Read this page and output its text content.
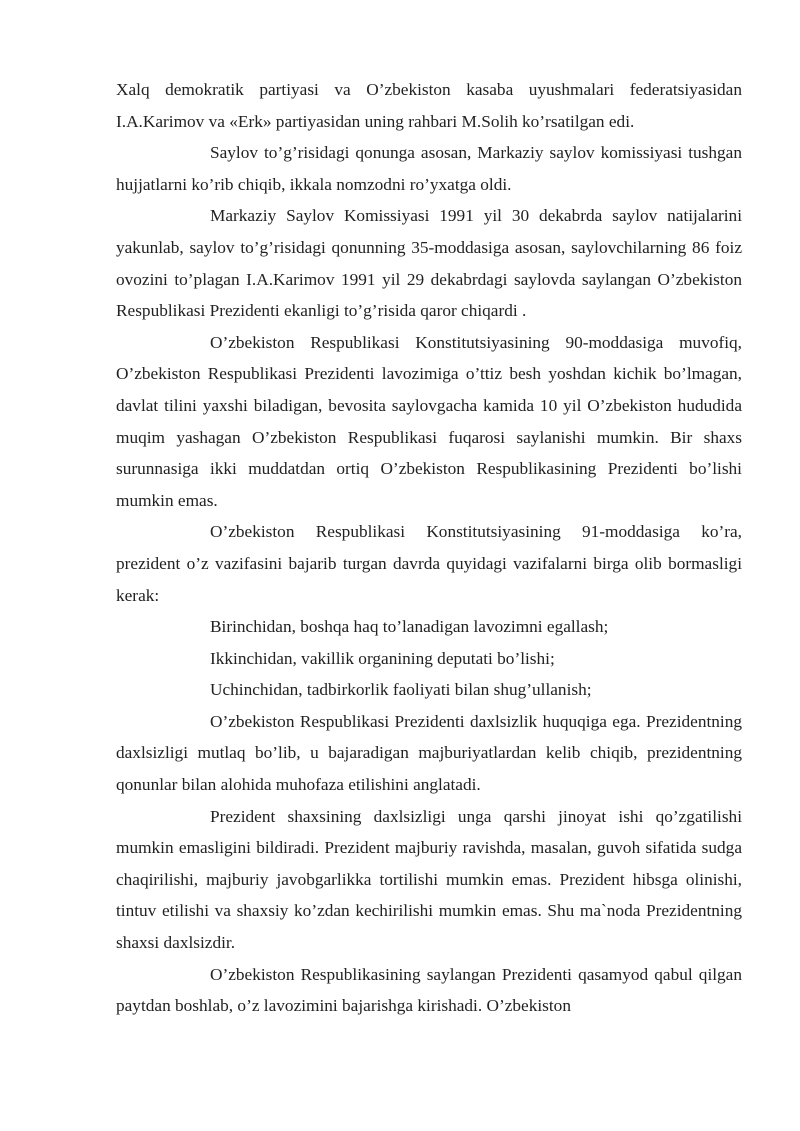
Xalq demokratik partiyasi va O’zbekiston kasaba uyushmalari federatsiyasidan I.A.Karimov va «Erk» partiyasidan uning rahbari M.Solih ko’rsatilgan edi.

Saylov to’g’risidagi qonunga asosan, Markaziy saylov komissiyasi tushgan hujjatlarni ko’rib chiqib, ikkala nomzodni ro’yxatga oldi.

Markaziy Saylov Komissiyasi 1991 yil 30 dekabrda saylov natijalarini yakunlab, saylov to’g’risidagi qonunning 35-moddasiga asosan, saylovchilarning 86 foiz ovozini to’plagan I.A.Karimov 1991 yil 29 dekabrdagi saylovda saylangan O’zbekiston Respublikasi Prezidenti ekanligi to’g’risida qaror chiqardi .

O’zbekiston Respublikasi Konstitutsiyasining 90-moddasiga muvofiq, O’zbekiston Respublikasi Prezidenti lavozimiga o’ttiz besh yoshdan kichik bo’lmagan, davlat tilini yaxshi biladigan, bevosita saylovgacha kamida 10 yil O’zbekiston hududida muqim yashagan O’zbekiston Respublikasi fuqarosi saylanishi mumkin. Bir shaxs surunnasiga ikki muddatdan ortiq O’zbekiston Respublikasining Prezidenti bo’lishi mumkin emas.

O’zbekiston Respublikasi Konstitutsiyasining 91-moddasiga ko’ra, prezident o’z vazifasini bajarib turgan davrda quyidagi vazifalarni birga olib bormasligi kerak:

Birinchidan, boshqa haq to’lanadigan lavozimni egallash;

Ikkinchidan, vakillik organining deputati bo’lishi;

Uchinchidan, tadbirkorlik faoliyati bilan shug’ullanish;

O’zbekiston Respublikasi Prezidenti daxlsizlik huquqiga ega. Prezidentning daxlsizligi mutlaq bo’lib, u bajaradigan majburiyatlardan kelib chiqib, prezidentning qonunlar bilan alohida muhofaza etilishini anglatadi.

Prezident shaxsining daxlsizligi unga qarshi jinoyat ishi qo’zgatilishi mumkin emasligini bildiradi. Prezident majburiy ravishda, masalan, guvoh sifatida sudga chaqirilishi, majburiy javobgarlikka tortilishi mumkin emas. Prezident hibsga olinishi, tintuv etilishi va shaxsiy ko’zdan kechirilishi mumkin emas. Shu ma`noda Prezidentning shaxsi daxlsizdir.

O’zbekiston Respublikasining saylangan Prezidenti qasamyod qabul qilgan paytdan boshlab, o’z lavozimini bajarishga kirishadi. O’zbekiston
